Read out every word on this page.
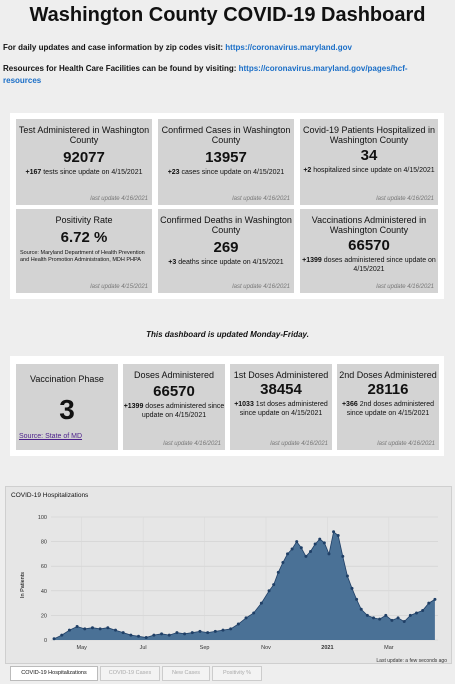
Washington County COVID-19 Dashboard
For daily updates and case information by zip codes visit: https://coronavirus.maryland.gov
Resources for Health Care Facilities can be found by visiting: https://coronavirus.maryland.gov/pages/hcf-
resources
Test Administered in Washington County
92077
+167 tests since update on 4/15/2021
last update 4/16/2021
Confirmed Cases in Washington County
13957
+23 cases since update on 4/15/2021
last update 4/16/2021
Covid-19 Patients Hospitalized in Washington County
34
+2 hospitalized since update on 4/15/2021
last update 4/16/2021
Positivity Rate
6.72 %
Source: Maryland Department of Health Prevention and Health Promotion Administration, MDH PHPA
last update 4/15/2021
Confirmed Deaths in Washington County
269
+3 deaths since update on 4/15/2021
last update 4/16/2021
Vaccinations Administered in Washington County
66570
+1399 doses administered since update on 4/15/2021
last update 4/16/2021
This dashboard is updated Monday-Friday.
Vaccination Phase
3
Source: State of MD
Doses Administered
66570
+1399 doses administered since update on 4/15/2021
last update 4/16/2021
1st Doses Administered
38454
+1033 1st doses administered since update on 4/15/2021
last update 4/16/2021
2nd Doses Administered
28116
+366 2nd doses administered since update on 4/15/2021
last update 4/16/2021
COVID-19 Hospitalizations
0
20
40
60
80
100
May	Jul	Sep	Nov	2021	Mar
In Patients
Last update: a few seconds ago
COVID-19 Hospitalizations	COVID-19 Cases	New Cases	Positivity %
